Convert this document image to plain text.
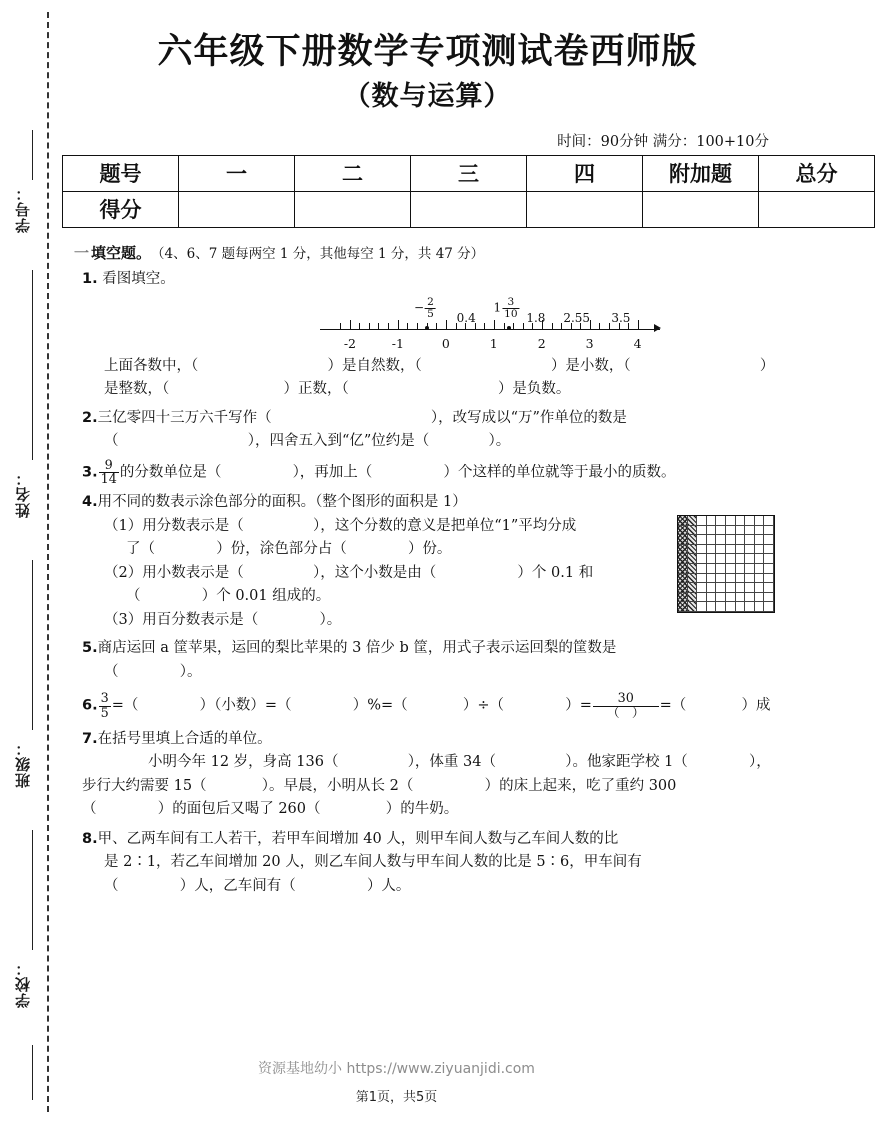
学号：
姓名：
班级：
学校：
六年级下册数学专项测试卷西师版
（数与运算）
时间：90分钟 满分：100+10分
题号	一	二	三	四	附加题	总分
得分						
一 填空题。 （4、6、7 题每两空 1 分，其他每空 1 分，共 47 分）
1. 看图填空。
-2	-1	0	1	2	3	4
− $\frac{2}{5} 0.4$
$1 \frac{3}{10} 1.8$ 2.55 3.5
上面各数中，（	）是自然数，（	）是小数，（	）
是整数，（	）正数，（	）是负数。
2.三亿零四十三万六千写作（	），改写成以“万”作单位的数是
（	），四舍五入到“亿”位约是（	）。
3. $\frac{9}{14}$ 的分数单位是（	），再加上（	）个这样的单位就等于最小的质数。
4.用不同的数表示涂色部分的面积。（整个图形的面积是 1）
（1）用分数表示是（	），这个分数的意义是把单位“1”平均分成
了（	）份，涂色部分占（	）份。
（2）用小数表示是（	），这个小数是由（	）个 0.1 和
（	）个 0.01 组成的。
（3）用百分数表示是（	）。
5.商店运回 a 筐苹果，运回的梨比苹果的 3 倍少 b 筐，用式子表示运回梨的筐数是
（	）。
6. $\frac{3}{5}$ =（	）（小数）=（	）%=（	）÷（	）= $\frac{30}{( )}$ =（	）成
7.在括号里填上合适的单位。
小明今年 12 岁，身高 136（	），体重 34（	）。他家距学校 1（	），
步行大约需要 15（	）。早晨，小明从长 2（	）的床上起来，吃了重约 300
（	）的面包后又喝了 260（	）的牛奶。
8.甲、乙两车间有工人若干，若甲车间增加 40 人，则甲车间人数与乙车间人数的比
是 2∶1，若乙车间增加 20 人，则乙车间人数与甲车间人数的比是 5∶6，甲车间有
（	）人，乙车间有（	）人。
资源基地幼小 https://www.ziyuanjidi.com
第1页，共5页
